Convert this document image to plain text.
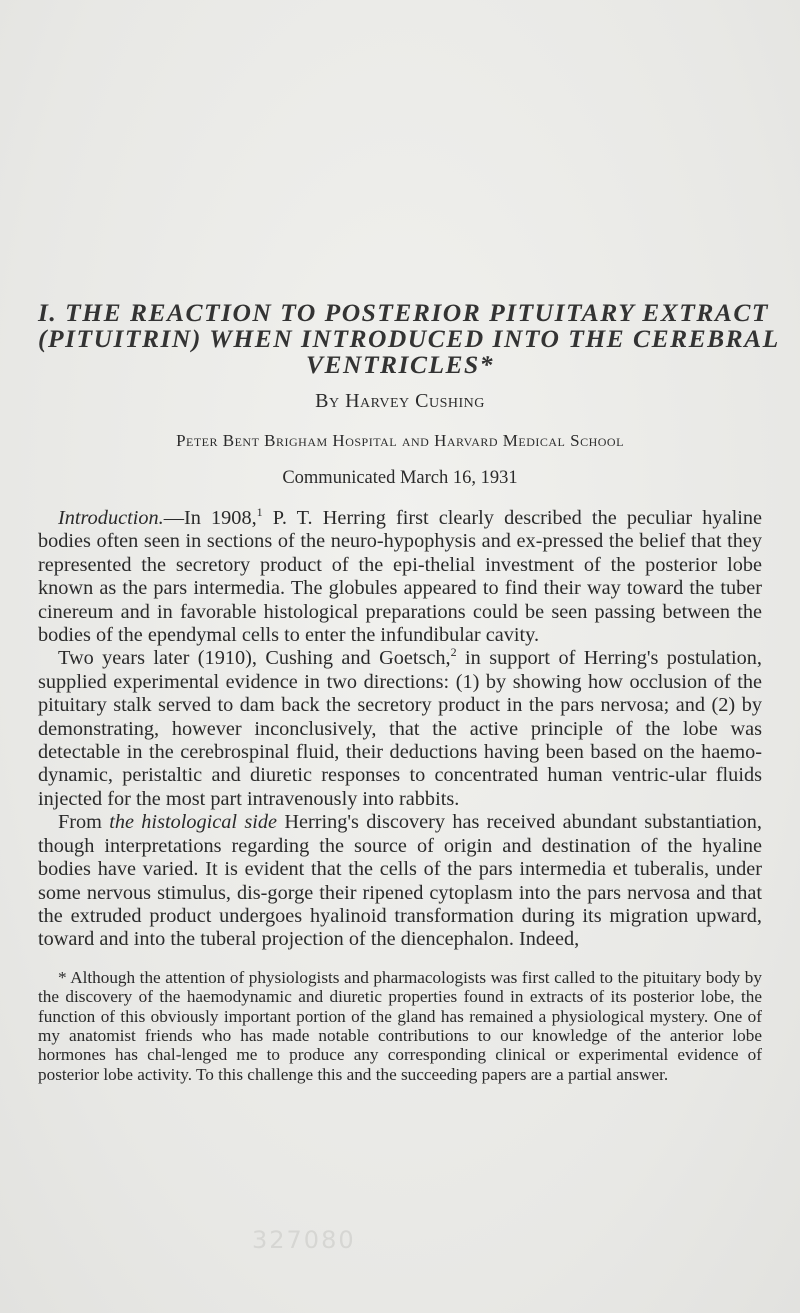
I. THE REACTION TO POSTERIOR PITUITARY EXTRACT
(PITUITRIN) WHEN INTRODUCED INTO THE CEREBRAL
VENTRICLES*
By Harvey Cushing
Peter Bent Brigham Hospital and Harvard Medical School
Communicated March 16, 1931

Introduction.—In 1908,$^1$ P. T. Herring first clearly described the peculiar hyaline bodies often seen in sections of the neuro-hypophysis and ex-pressed the belief that they represented the secretory product of the epi-thelial investment of the posterior lobe known as the pars intermedia. The globules appeared to find their way toward the tuber cinereum and in favorable histological preparations could be seen passing between the bodies of the ependymal cells to enter the infundibular cavity.

Two years later (1910), Cushing and Goetsch,$^2$ in support of Herring's postulation, supplied experimental evidence in two directions: (1) by showing how occlusion of the pituitary stalk served to dam back the secretory product in the pars nervosa; and (2) by demonstrating, however inconclusively, that the active principle of the lobe was detectable in the cerebrospinal fluid, their deductions having been based on the haemo-dynamic, peristaltic and diuretic responses to concentrated human ventric-ular fluids injected for the most part intravenously into rabbits.

From the histological side Herring's discovery has received abundant substantiation, though interpretations regarding the source of origin and destination of the hyaline bodies have varied. It is evident that the cells of the pars intermedia et tuberalis, under some nervous stimulus, dis-gorge their ripened cytoplasm into the pars nervosa and that the extruded product undergoes hyalinoid transformation during its migration upward, toward and into the tuberal projection of the diencephalon. Indeed,

* Although the attention of physiologists and pharmacologists was first called to the pituitary body by the discovery of the haemodynamic and diuretic properties found in extracts of its posterior lobe, the function of this obviously important portion of the gland has remained a physiological mystery. One of my anatomist friends who has made notable contributions to our knowledge of the anterior lobe hormones has chal-lenged me to produce any corresponding clinical or experimental evidence of posterior lobe activity. To this challenge this and the succeeding papers are a partial answer.
327080
